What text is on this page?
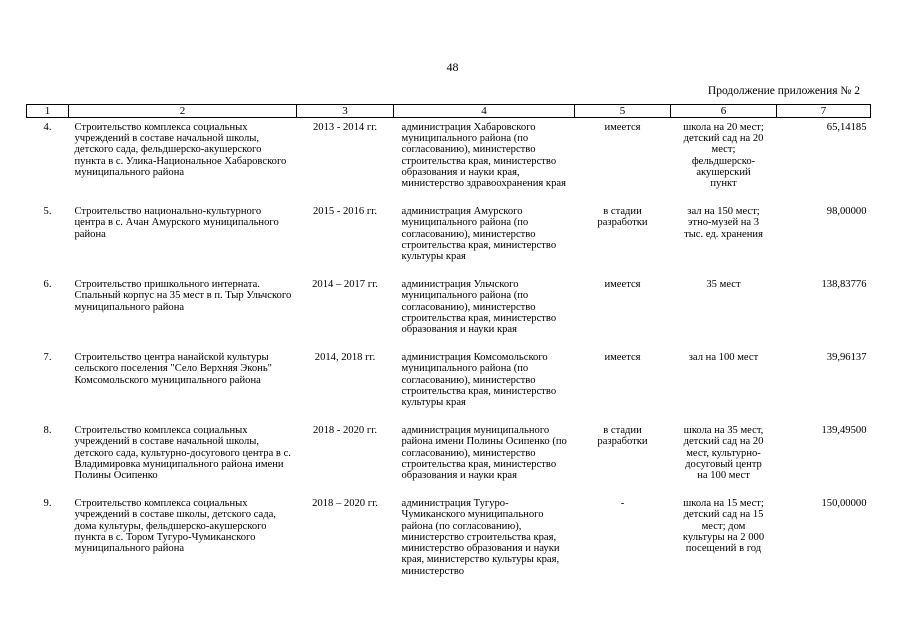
48
Продолжение приложения № 2
1	2	3	4	5	6	7
4.	Строительство комплекса социальных учреждений в составе начальной школы, детского сада, фельдшерско-акушерского пункта в с. Улика-Национальное Хабаровского муниципального района	2013 - 2014 гг.	администрация Хабаровского муниципального района (по согласованию), министерство строительства края, министерство образования и науки края, министерство здравоохранения края	имеется	школа на 20 мест; детский сад на 20 мест; фельдшерско-акушерский пункт	65,14185
5.	Строительство национально-культурного центра в с. Ачан Амурского муниципального района	2015 - 2016 гг.	администрация Амурского муниципального района (по согласованию), министерство строительства края, министерство культуры края	в стадии разработки	зал на 150 мест; этно-музей на 3 тыс. ед. хранения	98,00000
6.	Строительство пришкольного интерната. Спальный корпус на 35 мест в п. Тыр Ульчского муниципального района	2014 – 2017 гг.	администрация Ульчского муниципального района (по согласованию), министерство строительства края, министерство образования и науки края	имеется	35 мест	138,83776
7.	Строительство центра нанайской культуры сельского поселения "Село Верхняя Эконь" Комсомольского муниципального района	2014, 2018 гг.	администрация Комсомольского муниципального района (по согласованию), министерство строительства края, министерство культуры края	имеется	зал на 100 мест	39,96137
8.	Строительство комплекса социальных учреждений в составе начальной школы, детского сада, культурно-досугового центра в с. Владимировка муниципального района имени Полины Осипенко	2018 - 2020 гг.	администрация муниципального района имени Полины Осипенко (по согласованию), министерство строительства края, министерство образования и науки края	в стадии разработки	школа на 35 мест, детский сад на 20 мест, культурно-досуговый центр на 100 мест	139,49500
9.	Строительство комплекса социальных учреждений в составе школы, детского сада, дома культуры, фельдшерско-акушерского пункта в с. Тором Тугуро-Чумиканского муниципального района	2018 – 2020 гг.	администрация Тугуро-Чумиканского муниципального района (по согласованию), министерство строительства края, министерство образования и науки края, министерство культуры края, министерство	-	школа на 15 мест; детский сад на 15 мест; дом культуры на 2 000 посещений в год	150,00000
